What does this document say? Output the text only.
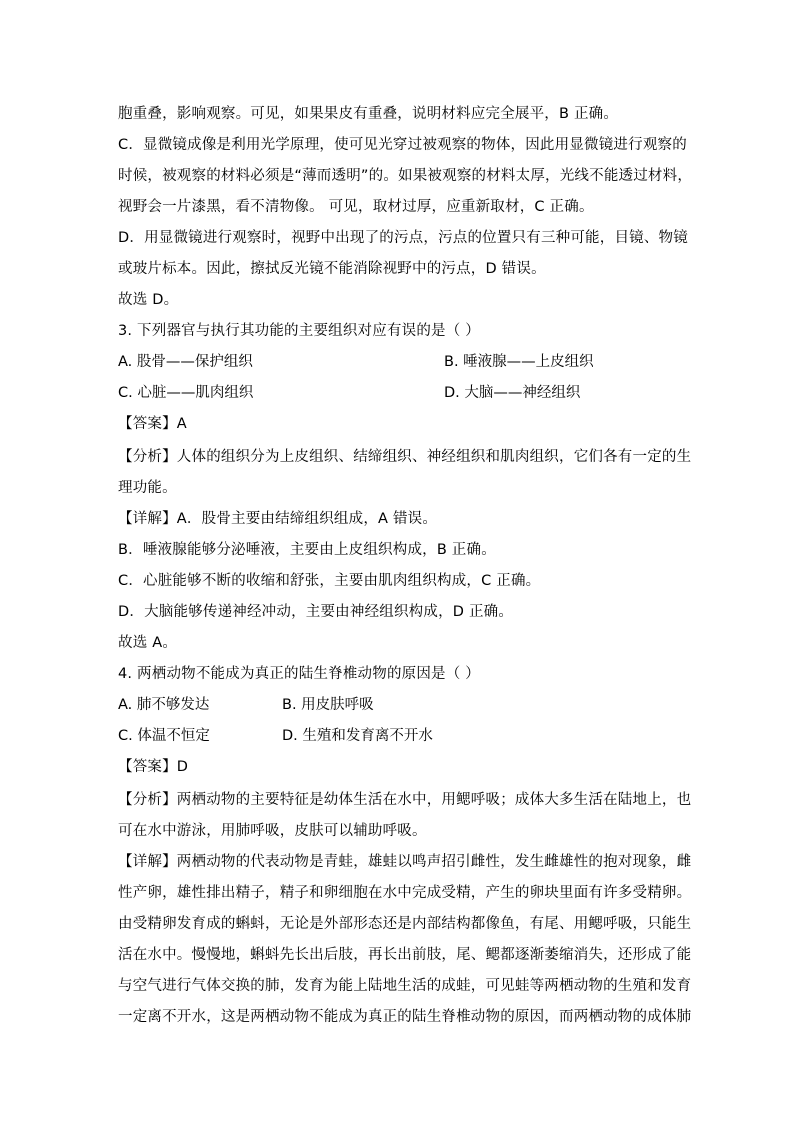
胞重叠，影响观察。可见，如果果皮有重叠，说明材料应完全展平，B 正确。
C．显微镜成像是利用光学原理，使可见光穿过被观察的物体，因此用显微镜进行观察的
时候，被观察的材料必须是“薄而透明”的。如果被观察的材料太厚，光线不能透过材料，
视野会一片漆黑，看不清物像。 可见，取材过厚，应重新取材，C 正确。
D．用显微镜进行观察时，视野中出现了的污点，污点的位置只有三种可能，目镜、物镜
或玻片标本。因此，擦拭反光镜不能消除视野中的污点，D 错误。
故选 D。
3. 下列器官与执行其功能的主要组织对应有误的是（ ）
A. 股骨——保护组织	B. 唾液腺——上皮组织
C. 心脏——肌肉组织	D. 大脑——神经组织
【答案】A
【分析】人体的组织分为上皮组织、结缔组织、神经组织和肌肉组织，它们各有一定的生
理功能。
【详解】A．股骨主要由结缔组织组成，A 错误。
B．唾液腺能够分泌唾液，主要由上皮组织构成，B 正确。
C．心脏能够不断的收缩和舒张，主要由肌肉组织构成，C 正确。
D．大脑能够传递神经冲动，主要由神经组织构成，D 正确。
故选 A。
4. 两栖动物不能成为真正的陆生脊椎动物的原因是（ ）
A. 肺不够发达	B. 用皮肤呼吸
C. 体温不恒定	D. 生殖和发育离不开水
【答案】D
【分析】两栖动物的主要特征是幼体生活在水中，用鳃呼吸；成体大多生活在陆地上，也
可在水中游泳，用肺呼吸，皮肤可以辅助呼吸。
【详解】两栖动物的代表动物是青蛙，雄蛙以鸣声招引雌性，发生雌雄性的抱对现象，雌
性产卵，雄性排出精子，精子和卵细胞在水中完成受精，产生的卵块里面有许多受精卵。
由受精卵发育成的蝌蚪，无论是外部形态还是内部结构都像鱼，有尾、用鳃呼吸，只能生
活在水中。慢慢地，蝌蚪先长出后肢，再长出前肢，尾、鳃都逐渐萎缩消失，还形成了能
与空气进行气体交换的肺，发育为能上陆地生活的成蛙，可见蛙等两栖动物的生殖和发育
一定离不开水，这是两栖动物不能成为真正的陆生脊椎动物的原因，而两栖动物的成体肺
